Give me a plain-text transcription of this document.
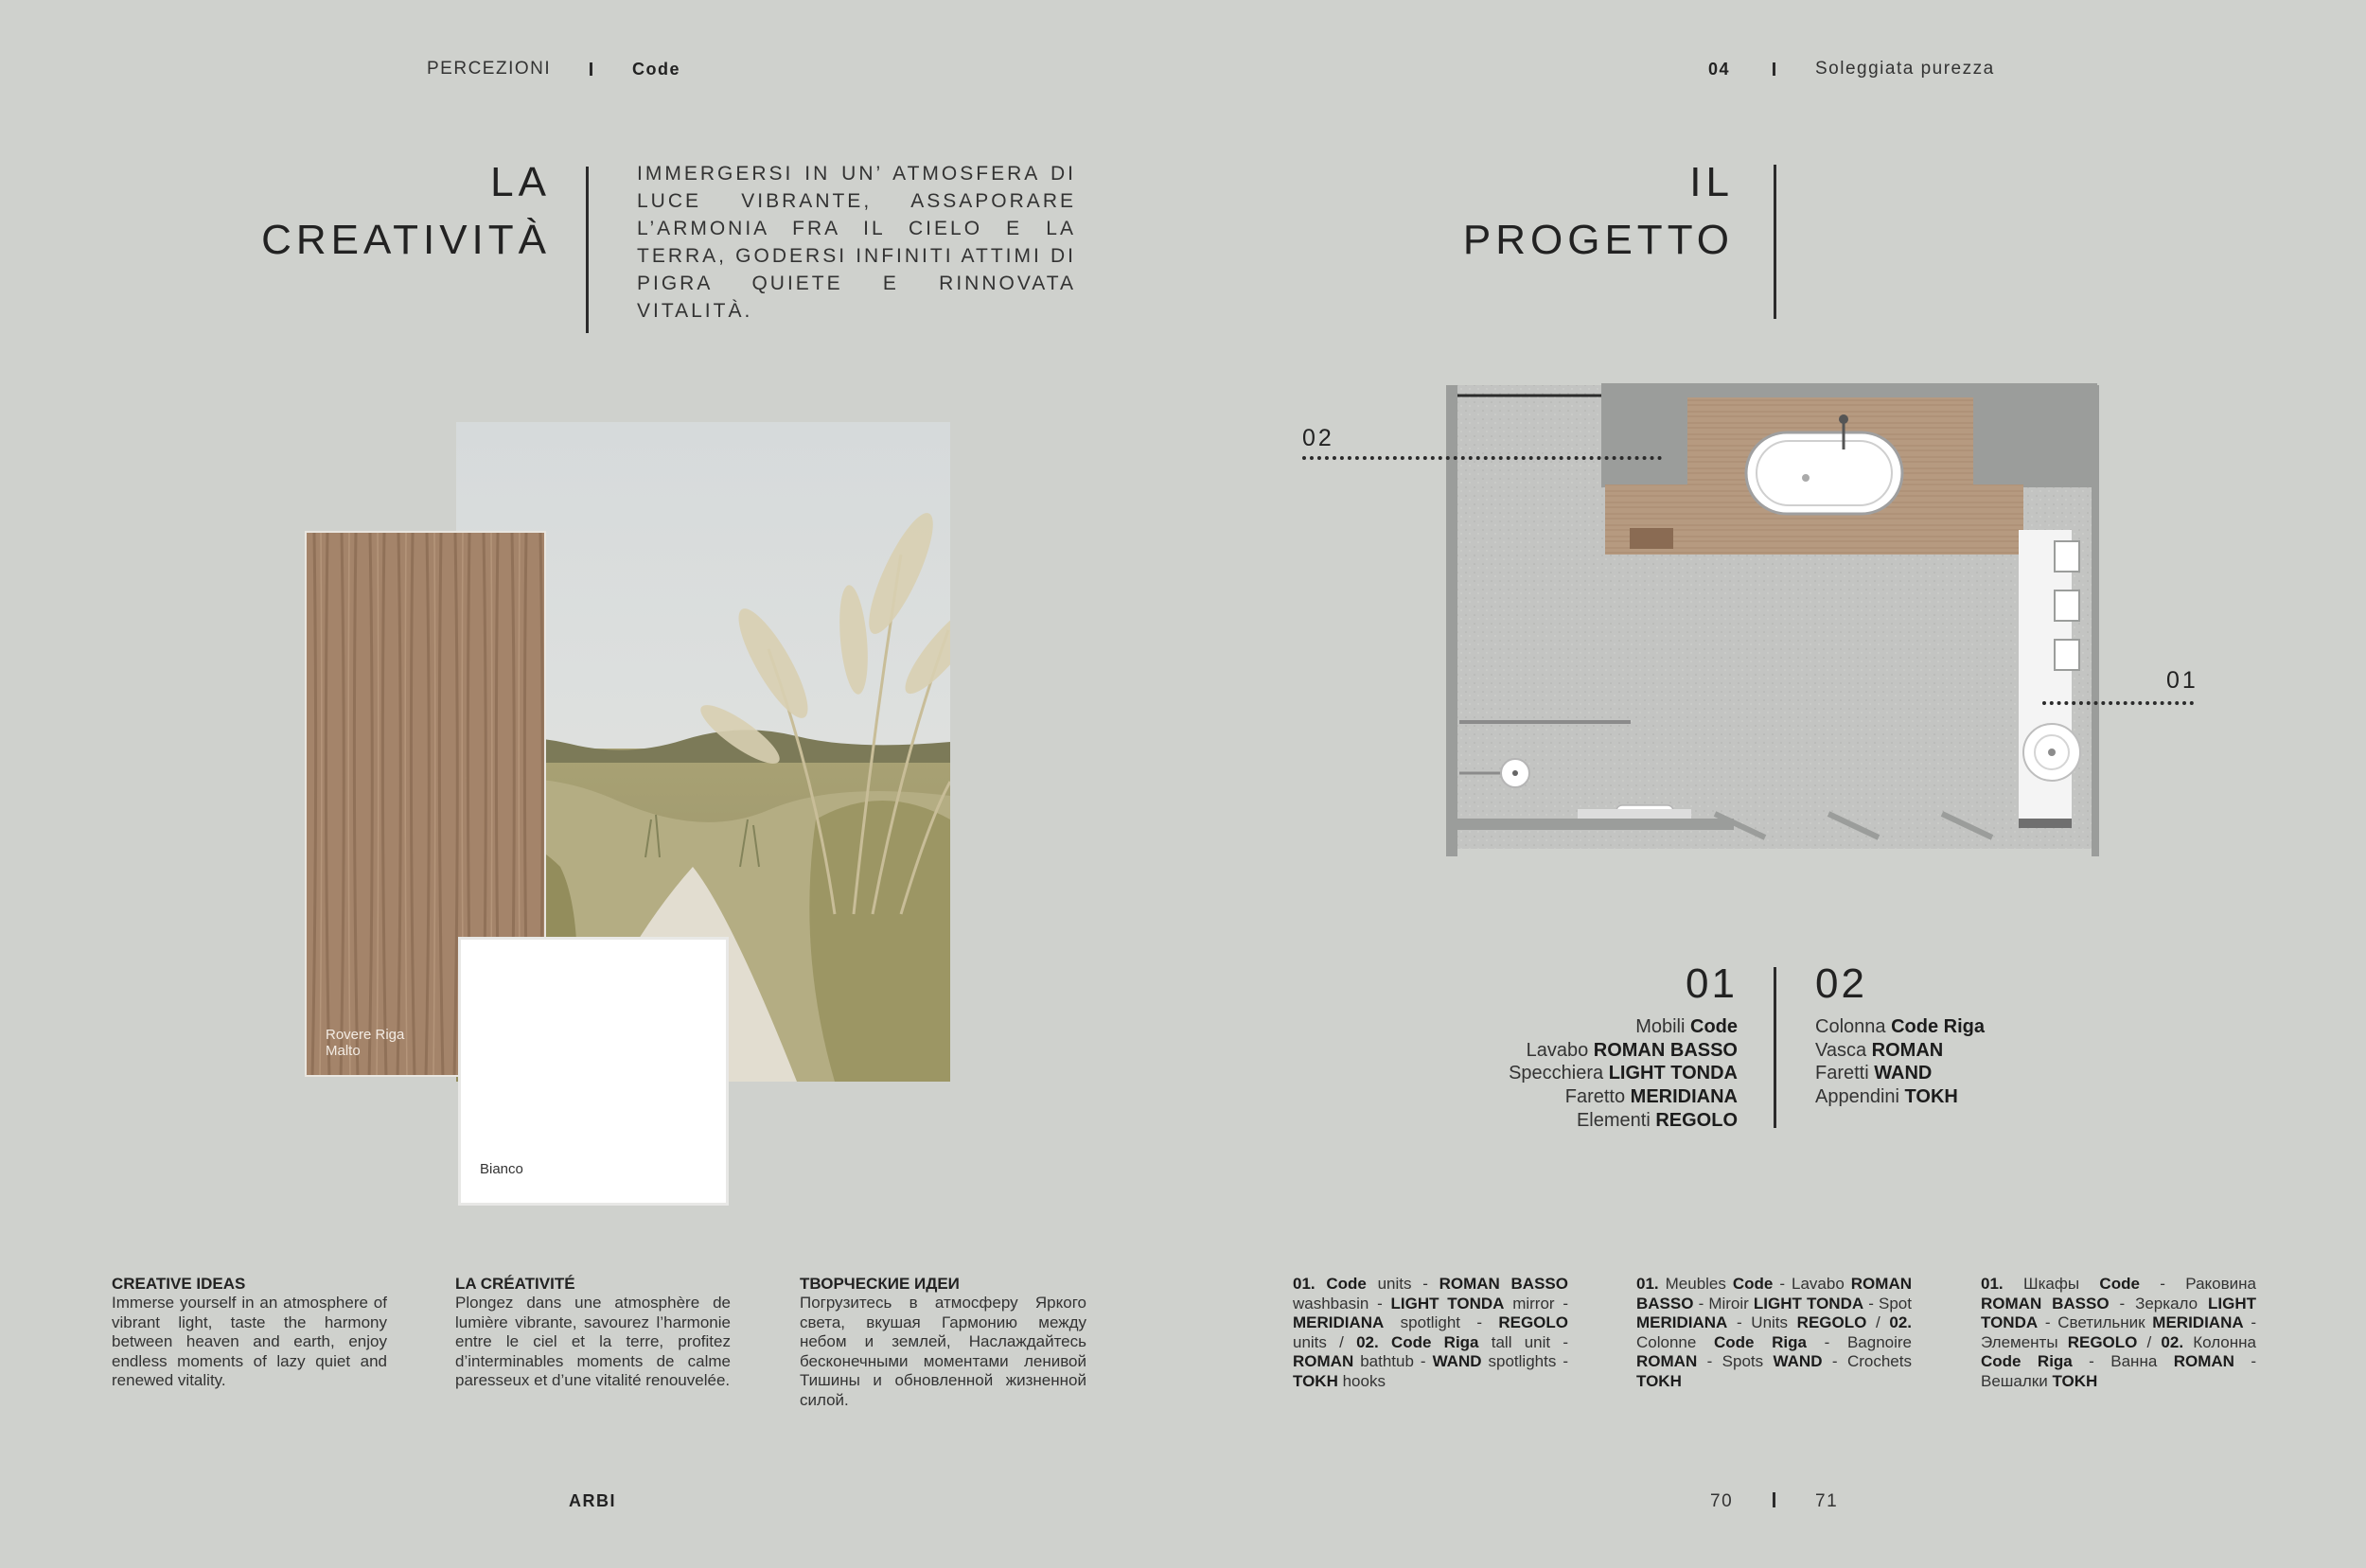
PERCEZIONI	Code	04	Soleggiata purezza
LA
CREATIVITÀ
IMMERGERSI IN UN’ ATMOSFERA DI LUCE VIBRANTE, ASSAPORARE L’ARMONIA FRA IL CIELO E LA TERRA, GODERSI INFINITI ATTIMI DI PIGRA QUIETE E RINNOVATA VITALITÀ.
Rovere Riga
Malto
Bianco
IL
PROGETTO
02
01
01
Mobili Code
Lavabo ROMAN BASSO
Specchiera LIGHT TONDA
Faretto MERIDIANA
Elementi REGOLO
02
Colonna Code Riga
Vasca ROMAN
Faretti WAND
Appendini TOKH
CREATIVE IDEAS
Immerse yourself in an atmosphere of vibrant light, taste the harmony between heaven and earth, enjoy endless moments of lazy quiet and renewed vitality.
LA CRÉATIVITÉ
Plongez dans une atmosphère de lumière vibrante, savourez l’harmonie entre le ciel et la terre, profitez d’interminables moments de calme paresseux et d’une vitalité renouvelée.
ТВОРЧЕСКИЕ ИДЕИ
Погрузитесь в атмосферу Яркого света, вкушая Гармонию между небом и землей, Наслаждайтесь бесконечными моментами ленивой Тишины и обновленной жизненной силой.
01. Code units - ROMAN BASSO washbasin - LIGHT TONDA mirror - MERIDIANA spotlight - REGOLO units / 02. Code Riga tall unit - ROMAN bathtub - WAND spotlights - TOKH hooks
01. Meubles Code - Lavabo ROMAN BASSO - Miroir LIGHT TONDA - Spot MERIDIANA - Units REGOLO / 02. Colonne Code Riga - Bagnoire ROMAN - Spots WAND - Crochets TOKH
01. Шкафы Code - Раковина ROMAN BASSO - Зеркало LIGHT TONDA - Светильник MERIDIANA - Элементы REGOLO / 02. Колонна Code Riga - Ванна ROMAN - Вешалки TOKH
ARBI	70	71
